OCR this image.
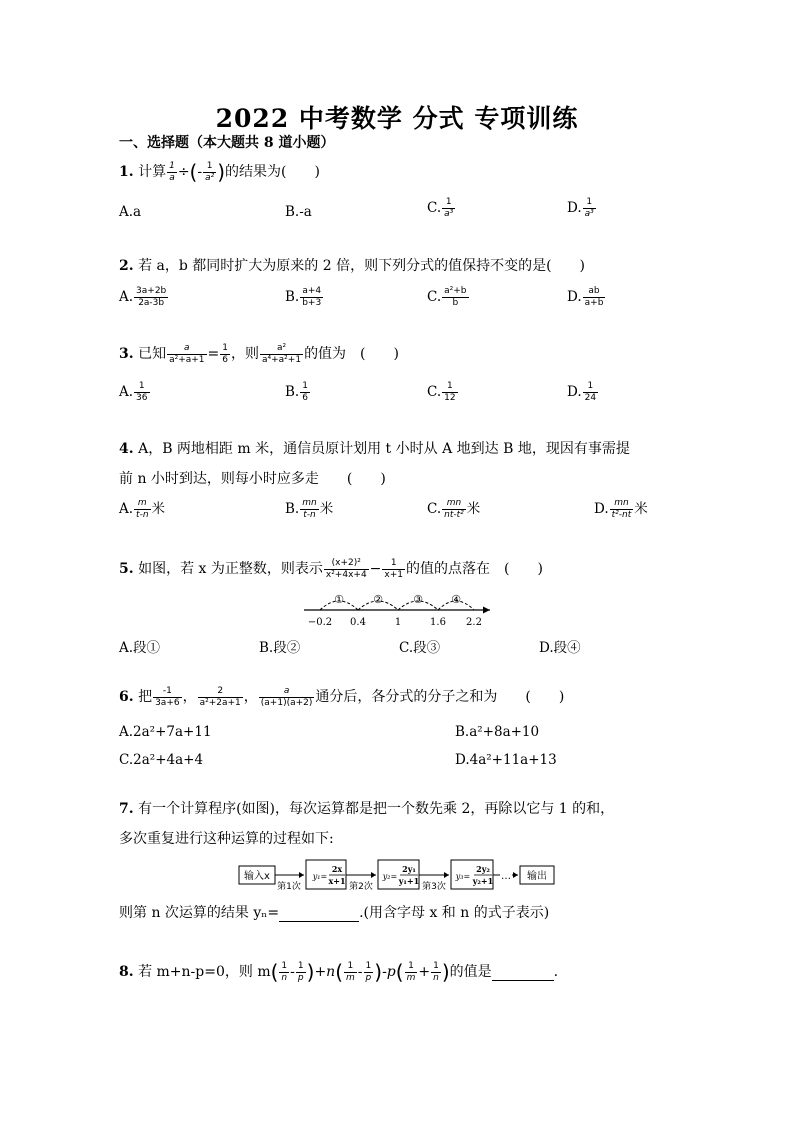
2022 中考数学 分式 专项训练
一、选择题（本大题共 8 道小题）
1. 计算 $\frac{1}{a}$ ÷(- $\frac{1}{\text{a²}}$ )的结果为(　　)
A.a	B.-a	C. $\frac{1}{\text{a³}}$	D. $\frac{1}{\text{a³}}$
2. 若 a，b 都同时扩大为原来的 2 倍，则下列分式的值保持不变的是(　　)
A. $\frac{3a+2b}{2a-3b}$	B. $\frac{a+4}{b+3}$	C. $\frac{\text{a²+b}}{b}$	D. $\frac{ab}{a+b}$
3. 已知 $\frac{a}{\text{a²+a+1}} = \frac{1}{6}$ ，则 $\frac{\text{a²}}{\text{a⁴+a²+1}}$ 的值为　(　　)
A. $\frac{1}{36}$	B. $\frac{1}{6}$	C. $\frac{1}{12}$	D. $\frac{1}{24}$
4. A，B 两地相距 m 米，通信员原计划用 t 小时从 A 地到达 B 地，现因有事需提
前 n 小时到达，则每小时应多走　　(　　)
A. $\frac{m}{t-n}$ 米	B. $\frac{mn}{t-n}$ 米	C. $\frac{mn}{\text{nt-t²}}$ 米	D. $\frac{mn}{\text{t²-nt}}$ 米
5. 如图，若 x 为正整数，则表示 $\frac{\text{(x+2)²}}{\text{x²+4x+4}} - \frac{1}{x+1}$ 的值的点落在　(　　)
①	②	③	④
−0.2 0.4	1	1.6 2.2
A.段①	B.段②	C.段③	D.段④
6. 把 $\frac{-1}{3a+6}$ ， $\frac{2}{\text{a²+2a+1}}$ ， $\frac{a}{(a+1)(a+2)}$ 通分后，各分式的分子之和为　　(　　)
A.2a²+7a+11	B.a²+8a+10
C.2a²+4a+4	D.4a²+11a+13
7. 有一个计算程序(如图)，每次运算都是把一个数先乘 2，再除以它与 1 的和，
多次重复进行这种运算的过程如下:
输入x
第1次
y₁=
2x
x+1
第2次
y₂=
2y₁
y₁+1
第3次
y₃=
2y₂
y₂+1 … 输出
则第 n 次运算的结果 yₙ=	.(用含字母 x 和 n 的式子表示)
8. 若 m+n-p=0，则 $m( \frac{1}{n} - \frac{1}{p} )+n( \frac{1}{m} - \frac{1}{p} )-p( \frac{1}{m} + \frac{1}{n}$ )的值是	.
